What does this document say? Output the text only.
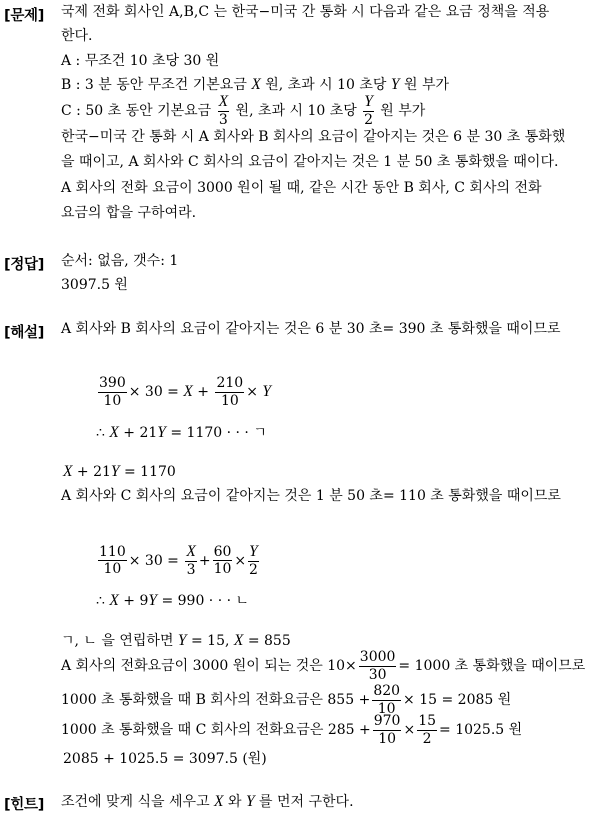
[문제] 국제 전화 회사인 A,B,C 는 한국−미국 간 통화 시 다음과 같은 요금 정책을 적용
한다.
A : 무조건 10 초당 30 원
B : 3 분 동안 무조건 기본요금 X 원, 초과 시 10 초당 Y 원 부가
C : 50 초 동안 기본요금 $\frac{X}{3}$ 원, 초과 시 10 초당 $\frac{Y}{2}$ 원 부가
한국−미국 간 통화 시 A 회사와 B 회사의 요금이 같아지는 것은 6 분 30 초 통화했
을 때이고, A 회사와 C 회사의 요금이 같아지는 것은 1 분 50 초 통화했을 때이다.
A 회사의 전화 요금이 3000 원이 될 때, 같은 시간 동안 B 회사, C 회사의 전화
요금의 합을 구하여라.
[정답] 순서: 없음, 갯수: 1
3097.5 원
[해설] A 회사와 B 회사의 요금이 같아지는 것은 6 분 30 초= 390 초 통화했을 때이므로
$\frac{390}{10} \times 30 = X + \frac{210}{10} \times Y$
∴ X + 21Y = 1170 · · · ㄱ
X + 21Y = 1170
A 회사와 C 회사의 요금이 같아지는 것은 1 분 50 초= 110 초 통화했을 때이므로
$\frac{110}{10} \times 30 = \frac{X}{3} + \frac{60}{10} \times \frac{Y}{2}$
∴ X + 9Y = 990 · · · ㄴ
ㄱ, ㄴ 을 연립하면 Y = 15, X = 855
A 회사의 전화요금이 3000 원이 되는 것은 $10\times \frac{3000}{30} = 1000$ 초 통화했을 때이므로
1000 초 통화했을 때 B 회사의 전화요금은 $855 + \frac{820}{10} \times 15 = 2085$ 원
1000 초 통화했을 때 C 회사의 전화요금은 $285 + \frac{970}{10} \times \frac{15}{2} = 1025.5$ 원
2085 + 1025.5 = 3097.5 (원)
[힌트] 조건에 맞게 식을 세우고 X 와 Y 를 먼저 구한다.
